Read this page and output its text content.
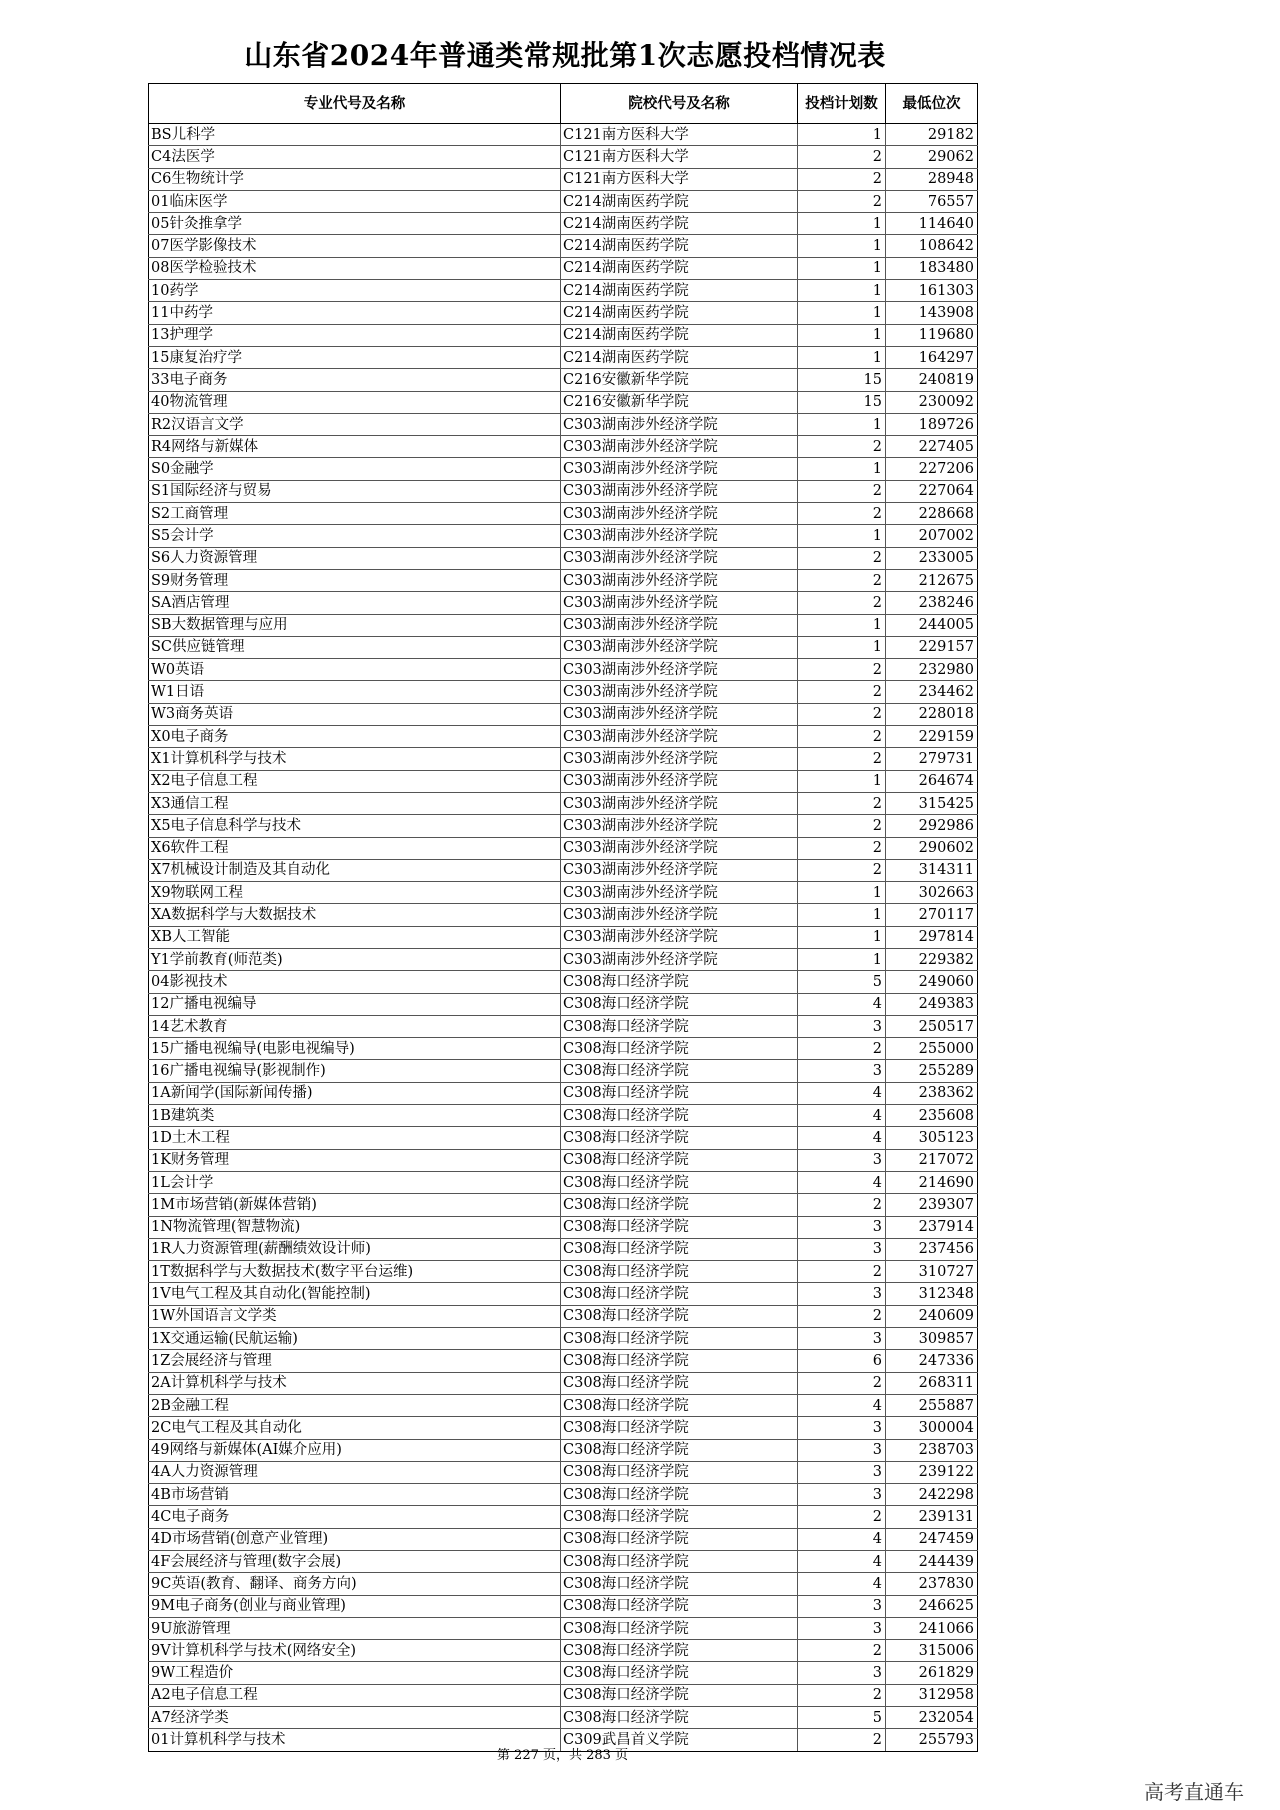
山东省2024年普通类常规批第1次志愿投档情况表
专业代号及名称	院校代号及名称	投档计划数	最低位次
BS儿科学	C121南方医科大学	1	29182
C4法医学	C121南方医科大学	2	29062
C6生物统计学	C121南方医科大学	2	28948
01临床医学	C214湖南医药学院	2	76557
05针灸推拿学	C214湖南医药学院	1	114640
07医学影像技术	C214湖南医药学院	1	108642
08医学检验技术	C214湖南医药学院	1	183480
10药学	C214湖南医药学院	1	161303
11中药学	C214湖南医药学院	1	143908
13护理学	C214湖南医药学院	1	119680
15康复治疗学	C214湖南医药学院	1	164297
33电子商务	C216安徽新华学院	15	240819
40物流管理	C216安徽新华学院	15	230092
R2汉语言文学	C303湖南涉外经济学院	1	189726
R4网络与新媒体	C303湖南涉外经济学院	2	227405
S0金融学	C303湖南涉外经济学院	1	227206
S1国际经济与贸易	C303湖南涉外经济学院	2	227064
S2工商管理	C303湖南涉外经济学院	2	228668
S5会计学	C303湖南涉外经济学院	1	207002
S6人力资源管理	C303湖南涉外经济学院	2	233005
S9财务管理	C303湖南涉外经济学院	2	212675
SA酒店管理	C303湖南涉外经济学院	2	238246
SB大数据管理与应用	C303湖南涉外经济学院	1	244005
SC供应链管理	C303湖南涉外经济学院	1	229157
W0英语	C303湖南涉外经济学院	2	232980
W1日语	C303湖南涉外经济学院	2	234462
W3商务英语	C303湖南涉外经济学院	2	228018
X0电子商务	C303湖南涉外经济学院	2	229159
X1计算机科学与技术	C303湖南涉外经济学院	2	279731
X2电子信息工程	C303湖南涉外经济学院	1	264674
X3通信工程	C303湖南涉外经济学院	2	315425
X5电子信息科学与技术	C303湖南涉外经济学院	2	292986
X6软件工程	C303湖南涉外经济学院	2	290602
X7机械设计制造及其自动化	C303湖南涉外经济学院	2	314311
X9物联网工程	C303湖南涉外经济学院	1	302663
XA数据科学与大数据技术	C303湖南涉外经济学院	1	270117
XB人工智能	C303湖南涉外经济学院	1	297814
Y1学前教育(师范类)	C303湖南涉外经济学院	1	229382
04影视技术	C308海口经济学院	5	249060
12广播电视编导	C308海口经济学院	4	249383
14艺术教育	C308海口经济学院	3	250517
15广播电视编导(电影电视编导)	C308海口经济学院	2	255000
16广播电视编导(影视制作)	C308海口经济学院	3	255289
1A新闻学(国际新闻传播)	C308海口经济学院	4	238362
1B建筑类	C308海口经济学院	4	235608
1D土木工程	C308海口经济学院	4	305123
1K财务管理	C308海口经济学院	3	217072
1L会计学	C308海口经济学院	4	214690
1M市场营销(新媒体营销)	C308海口经济学院	2	239307
1N物流管理(智慧物流)	C308海口经济学院	3	237914
1R人力资源管理(薪酬绩效设计师)	C308海口经济学院	3	237456
1T数据科学与大数据技术(数字平台运维)	C308海口经济学院	2	310727
1V电气工程及其自动化(智能控制)	C308海口经济学院	3	312348
1W外国语言文学类	C308海口经济学院	2	240609
1X交通运输(民航运输)	C308海口经济学院	3	309857
1Z会展经济与管理	C308海口经济学院	6	247336
2A计算机科学与技术	C308海口经济学院	2	268311
2B金融工程	C308海口经济学院	4	255887
2C电气工程及其自动化	C308海口经济学院	3	300004
49网络与新媒体(AI媒介应用)	C308海口经济学院	3	238703
4A人力资源管理	C308海口经济学院	3	239122
4B市场营销	C308海口经济学院	3	242298
4C电子商务	C308海口经济学院	2	239131
4D市场营销(创意产业管理)	C308海口经济学院	4	247459
4F会展经济与管理(数字会展)	C308海口经济学院	4	244439
9C英语(教育、翻译、商务方向)	C308海口经济学院	4	237830
9M电子商务(创业与商业管理)	C308海口经济学院	3	246625
9U旅游管理	C308海口经济学院	3	241066
9V计算机科学与技术(网络安全)	C308海口经济学院	2	315006
9W工程造价	C308海口经济学院	3	261829
A2电子信息工程	C308海口经济学院	2	312958
A7经济学类	C308海口经济学院	5	232054
01计算机科学与技术	C309武昌首义学院	2	255793
第 227 页，共 283 页
高考直通车
